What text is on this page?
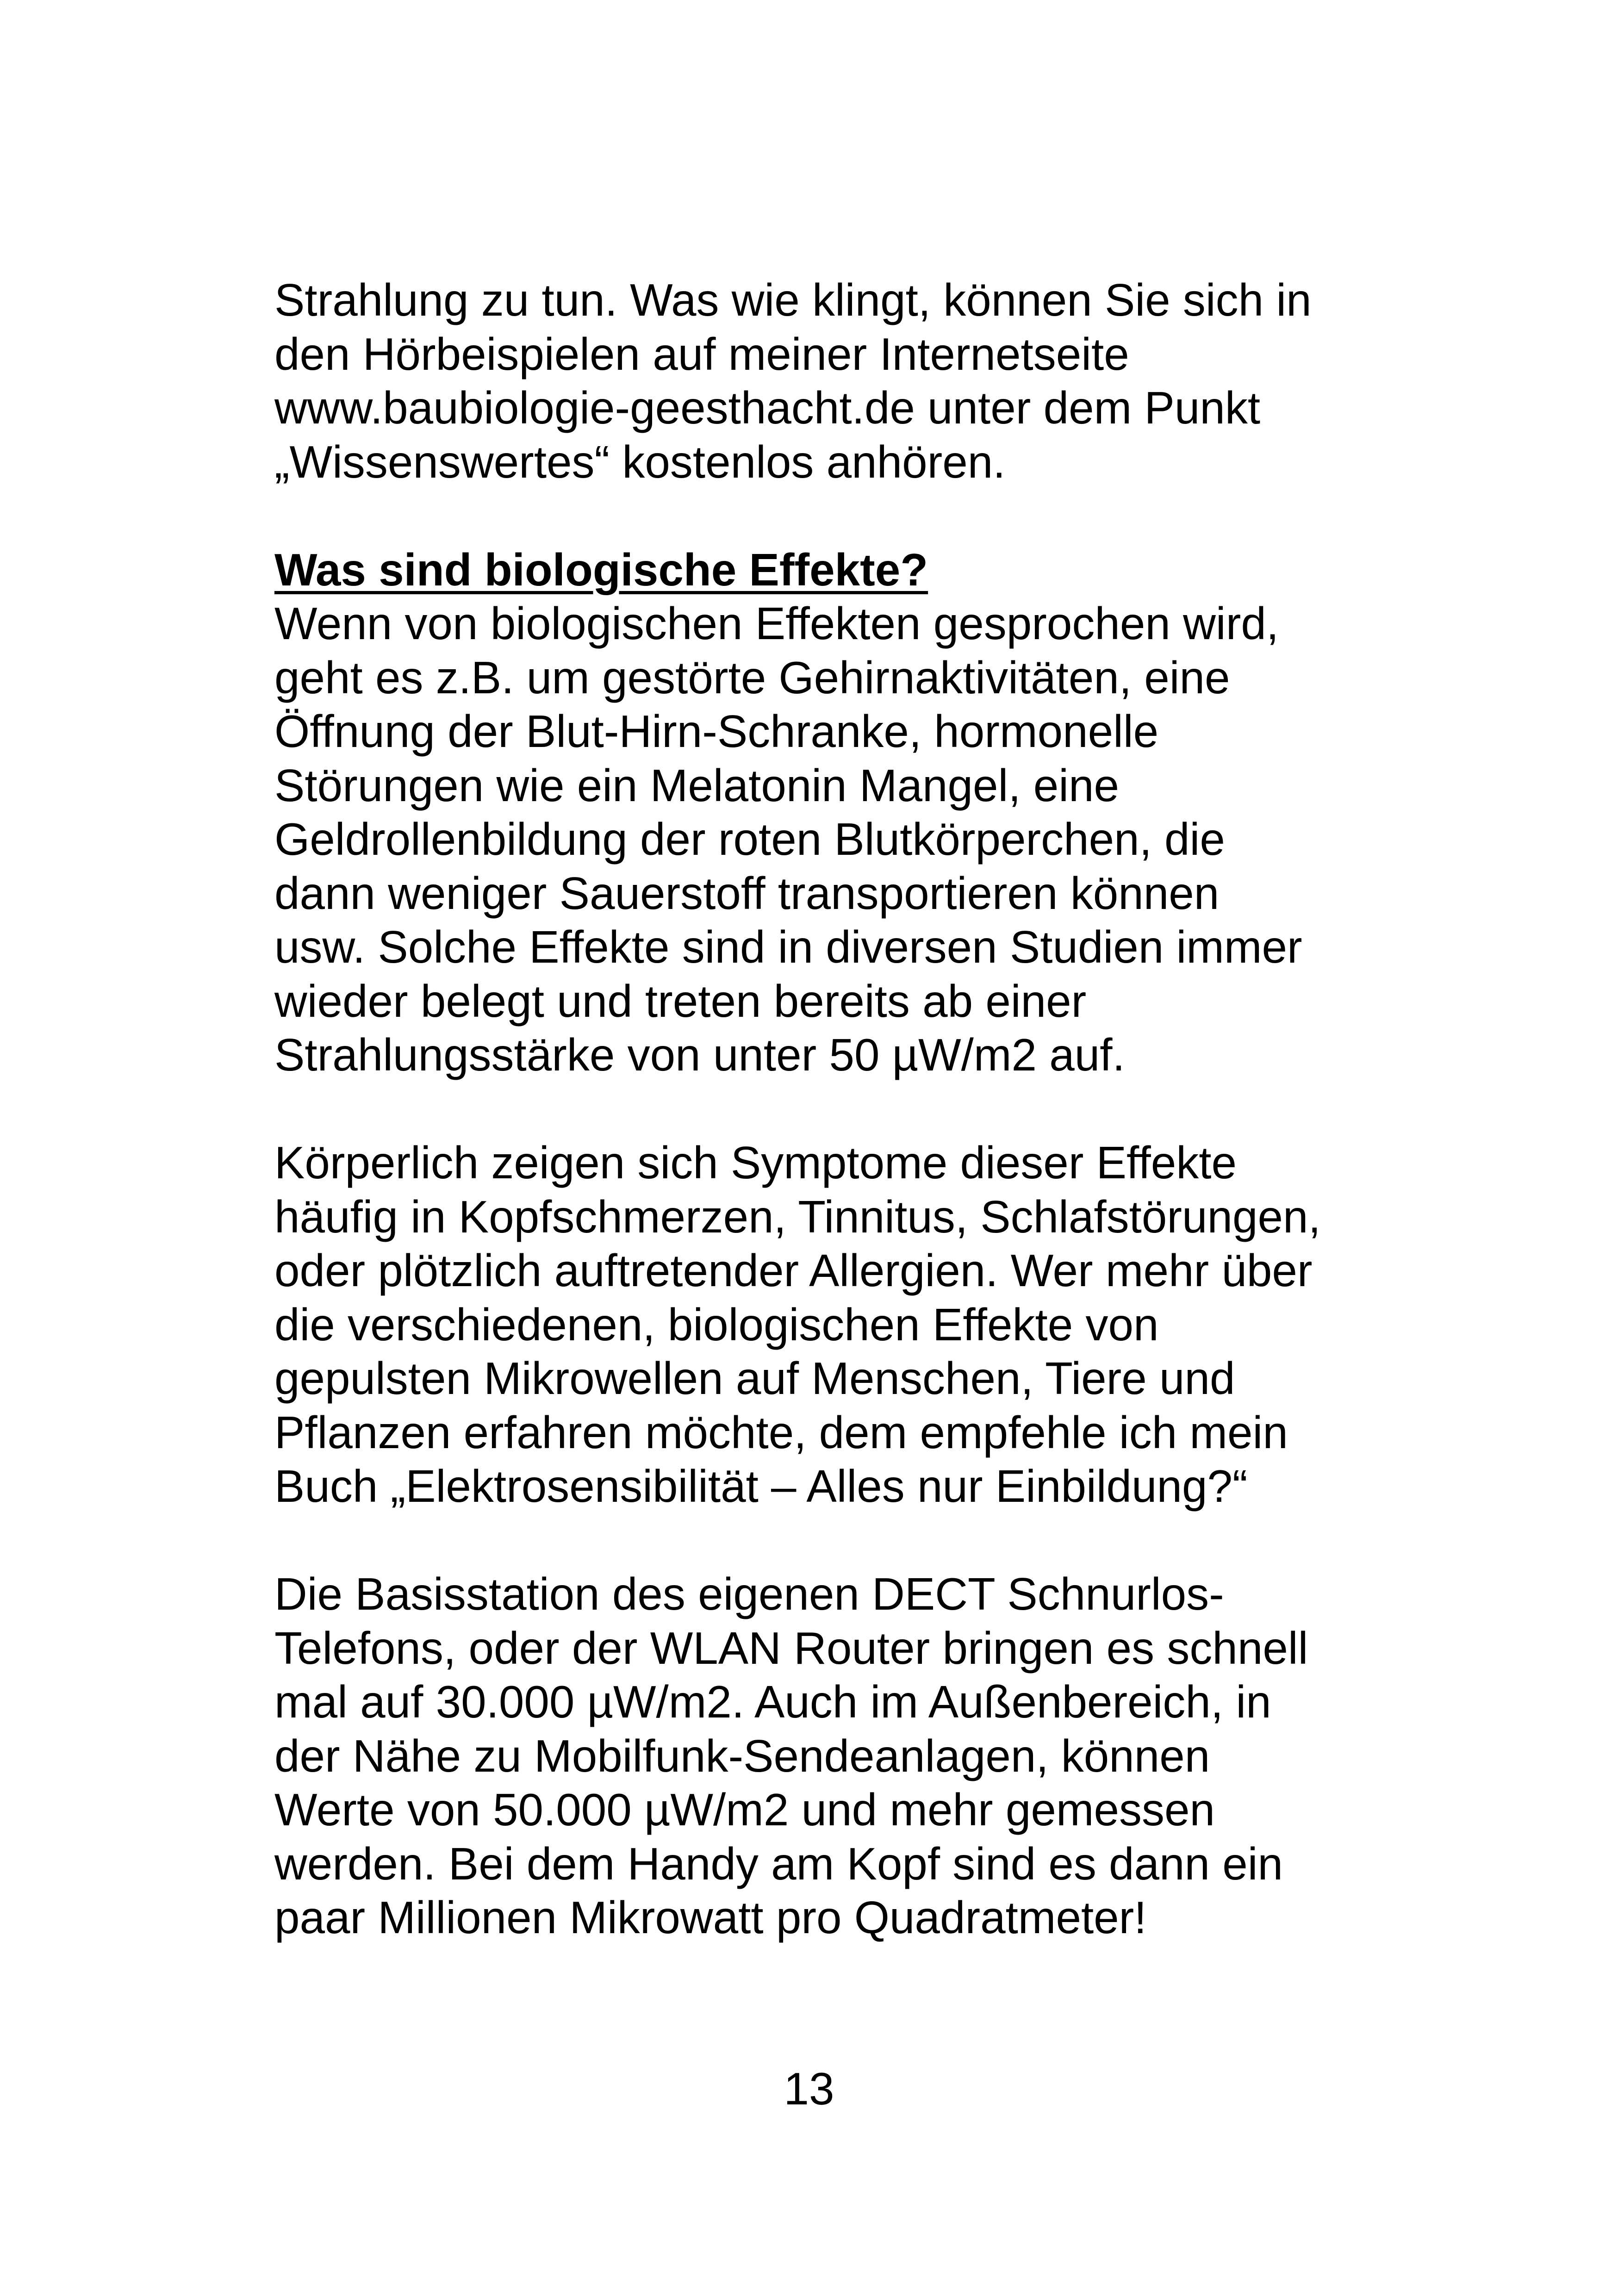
Strahlung zu tun. Was wie klingt, können Sie sich in
den Hörbeispielen auf meiner Internetseite
www.baubiologie-geesthacht.de unter dem Punkt
„Wissenswertes“ kostenlos anhören.
Was sind biologische Effekte?
Wenn von biologischen Effekten gesprochen wird,
geht es z.B. um gestörte Gehirnaktivitäten, eine
Öffnung der Blut-Hirn-Schranke, hormonelle
Störungen wie ein Melatonin Mangel, eine
Geldrollenbildung der roten Blutkörperchen, die
dann weniger Sauerstoff transportieren können
usw. Solche Effekte sind in diversen Studien immer
wieder belegt und treten bereits ab einer
Strahlungsstärke von unter 50 µW/m2 auf.
Körperlich zeigen sich Symptome dieser Effekte
häufig in Kopfschmerzen, Tinnitus, Schlafstörungen,
oder plötzlich auftretender Allergien. Wer mehr über
die verschiedenen, biologischen Effekte von
gepulsten Mikrowellen auf Menschen, Tiere und
Pflanzen erfahren möchte, dem empfehle ich mein
Buch „Elektrosensibilität – Alles nur Einbildung?“
Die Basisstation des eigenen DECT Schnurlos-
Telefons, oder der WLAN Router bringen es schnell
mal auf 30.000 µW/m2. Auch im Außenbereich, in
der Nähe zu Mobilfunk-Sendeanlagen, können
Werte von 50.000 µW/m2 und mehr gemessen
werden. Bei dem Handy am Kopf sind es dann ein
paar Millionen Mikrowatt pro Quadratmeter!
13
